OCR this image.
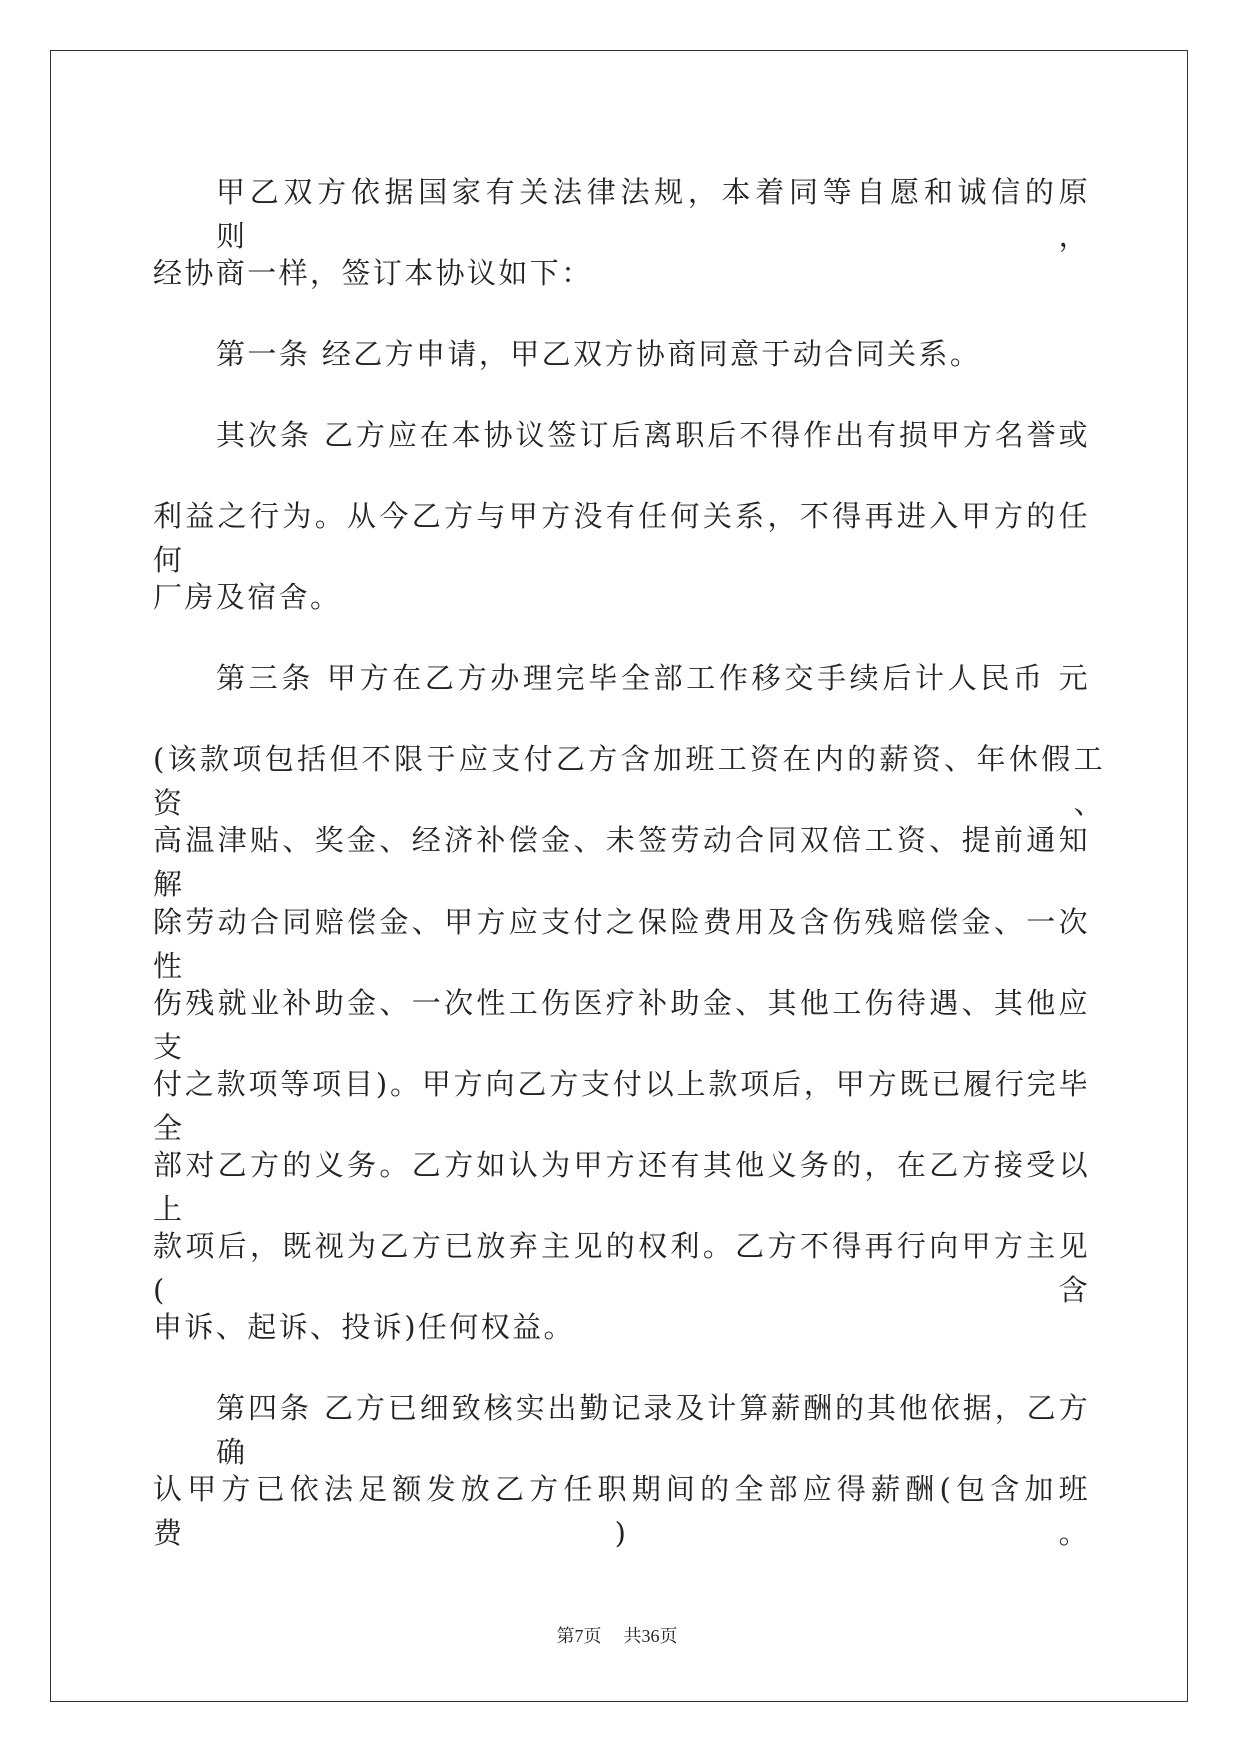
甲乙双方依据国家有关法律法规，本着同等自愿和诚信的原则，
经协商一样，签订本协议如下：
第一条 经乙方申请，甲乙双方协商同意于动合同关系。
其次条 乙方应在本协议签订后离职后不得作出有损甲方名誉或
利益之行为。从今乙方与甲方没有任何关系，不得再进入甲方的任何
厂房及宿舍。
第三条 甲方在乙方办理完毕全部工作移交手续后计人民币 元
(该款项包括但不限于应支付乙方含加班工资在内的薪资、年休假工资、
高温津贴、奖金、经济补偿金、未签劳动合同双倍工资、提前通知解
除劳动合同赔偿金、甲方应支付之保险费用及含伤残赔偿金、一次性
伤残就业补助金、一次性工伤医疗补助金、其他工伤待遇、其他应支
付之款项等项目)。甲方向乙方支付以上款项后，甲方既已履行完毕全
部对乙方的义务。乙方如认为甲方还有其他义务的，在乙方接受以上
款项后，既视为乙方已放弃主见的权利。乙方不得再行向甲方主见(含
申诉、起诉、投诉)任何权益。
第四条 乙方已细致核实出勤记录及计算薪酬的其他依据，乙方确
认甲方已依法足额发放乙方任职期间的全部应得薪酬(包含加班费)。
第7页 共36页
